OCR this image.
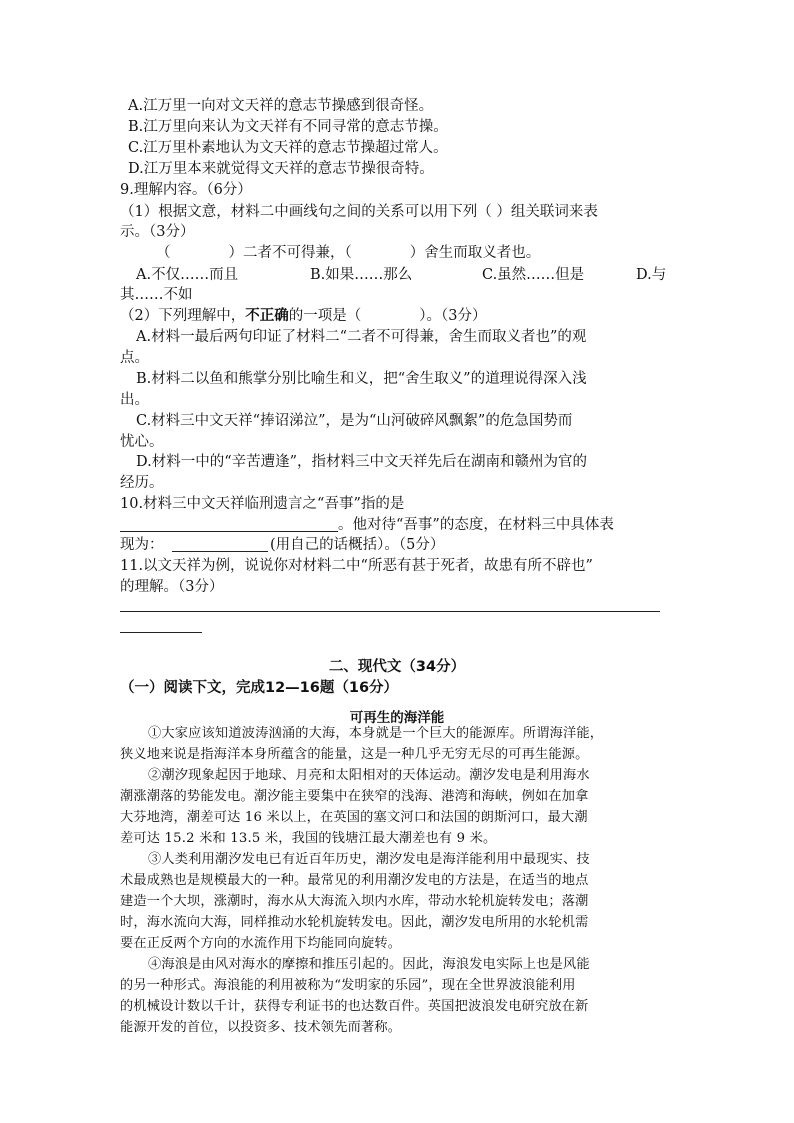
A.江万里一向对文天祥的意志节操感到很奇怪。
B.江万里向来认为文天祥有不同寻常的意志节操。
C.江万里朴素地认为文天祥的意志节操超过常人。
D.江万里本来就觉得文天祥的意志节操很奇特。
9.理解内容。（6分）
（1）根据文意，材料二中画线句之间的关系可以用下列（ ）组关联词来表
示。（3分）
（　　　　）二者不可得兼，（　　　　）舍生而取义者也。
A.不仅……而且	B.如果……那么	C.虽然……但是	D.与
其……不如
（2）下列理解中，不正确的一项是（　　　　）。（3分）
A.材料一最后两句印证了材料二“二者不可得兼，舍生而取义者也”的观
点。
B.材料二以鱼和熊掌分别比喻生和义，把“舍生取义”的道理说得深入浅
出。
C.材料三中文天祥“捧诏涕泣”，是为“山河破碎风飘絮”的危急国势而
忧心。
D.材料一中的“辛苦遭逢”，指材料三中文天祥先后在湖南和赣州为官的
经历。
10.材料三中文天祥临刑遗言之“吾事”指的是
。他对待“吾事”的态度，在材料三中具体表
现为：	(用自己的话概括）。（5分）
11.以文天祥为例，说说你对材料二中“所恶有甚于死者，故患有所不辟也”
的理解。（3分）
二、现代文（34分）
（一）阅读下文，完成12—16题（16分）
可再生的海洋能
①大家应该知道波涛汹涌的大海，本身就是一个巨大的能源库。所谓海洋能，
狭义地来说是指海洋本身所蕴含的能量，这是一种几乎无穷无尽的可再生能源。
②潮汐现象起因于地球、月亮和太阳相对的天体运动。潮汐发电是利用海水
潮涨潮落的势能发电。潮汐能主要集中在狭窄的浅海、港湾和海峡，例如在加拿
大芬地湾，潮差可达 16 米以上，在英国的塞文河口和法国的朗斯河口，最大潮
差可达 15.2 米和 13.5 米，我国的钱塘江最大潮差也有 9 米。
③人类利用潮汐发电已有近百年历史，潮汐发电是海洋能利用中最现实、技
术最成熟也是规模最大的一种。最常见的利用潮汐发电的方法是，在适当的地点
建造一个大坝，涨潮时，海水从大海流入坝内水库，带动水轮机旋转发电；落潮
时，海水流向大海，同样推动水轮机旋转发电。因此，潮汐发电所用的水轮机需
要在正反两个方向的水流作用下均能同向旋转。
④海浪是由风对海水的摩擦和推压引起的。因此，海浪发电实际上也是风能
的另一种形式。海浪能的利用被称为“发明家的乐园”，现在全世界波浪能利用
的机械设计数以千计，获得专利证书的也达数百件。英国把波浪发电研究放在新
能源开发的首位，以投资多、技术领先而著称。
